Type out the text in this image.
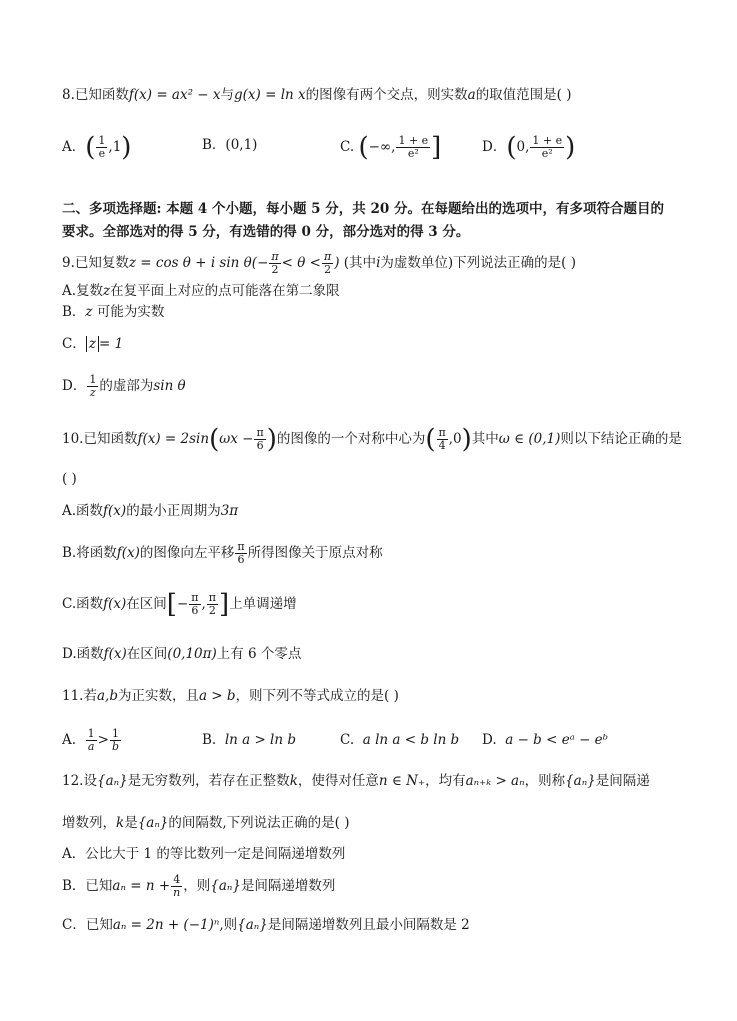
8.已知函数f(x) = ax² − x与g(x) = ln x的图像有两个交点，则实数a的取值范围是( )
A．( $\frac{1}{e} ,1$)	B．(0,1)	C. (−∞, $\frac{1 + e}{\text{e²}}$ ]	D．(0, $\frac{1 + e}{\text{e²}}$ )
二、多项选择题: 本题 4 个小题，每小题 5 分，共 20 分。在每题给出的选项中，有多项符合题目的
要求。全部选对的得 5 分，有选错的得 0 分，部分选对的得 3 分。
9.已知复数z = cos θ + i $\sin \theta(- \frac{\pi}{2} < \theta < \frac{\pi}{2}$ ) (其中i为虚数单位)下列说法正确的是( )
A.复数z在复平面上对应的点可能落在第二象限
B．z 可能为实数
C． z = 1
D． $\frac{1}{z}$ 的虚部为sin θ
10.已知函数$f(x) = 2\sin(\omega x - \frac{\pi}{6}$ )的图像的一个对称中心为( $\frac{\pi}{4} ,0$)其中ω ∈ (0,1)则以下结论正确的是
( )
A.函数f(x)的最小正周期为3π
B.将函数f(x)的图像向左平移 $\frac{\pi}{6}$ 所得图像关于原点对称
C.函数f(x)在区间[− $\frac{\pi}{6}$ , $\frac{\pi}{2}$ ]上单调递增
D.函数f(x)在区间(0,10π)上有 6 个零点
11.若a,b为正实数，且a > b，则下列不等式成立的是( )
A. $\frac{1}{a} > \frac{1}{b}$	B. ln a > ln b	C. a ln a < b ln b D. a − b < eᵃ − eᵇ
12.设{aₙ}是无穷数列，若存在正整数k，使得对任意n ∈ N₊，均有aₙ₊ₖ > aₙ，则称{aₙ}是间隔递
增数列，k是{aₙ}的间隔数,下列说法正确的是( )
A．公比大于 1 的等比数列一定是间隔递增数列
B．已知$a_n = n + \frac{4}{n}$ ，则{aₙ}是间隔递增数列
C．已知aₙ = 2n + (−1)ⁿ,则{aₙ}是间隔递增数列且最小间隔数是 2
